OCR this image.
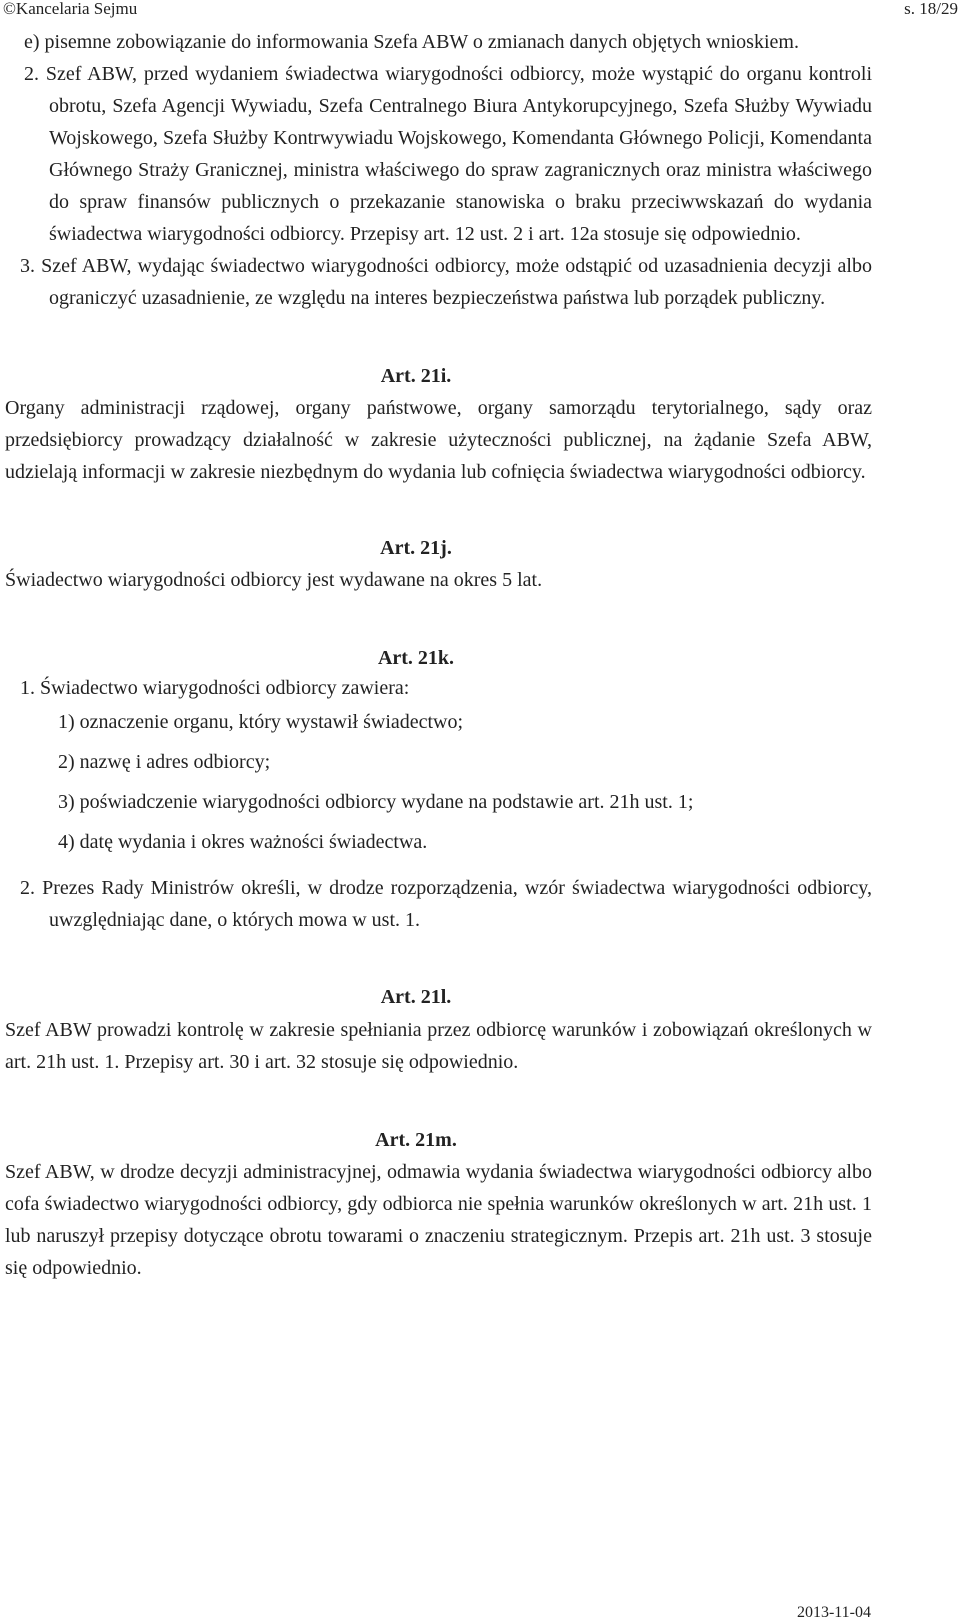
©Kancelaria Sejmu	s. 18/29

e) pisemne zobowiązanie do informowania Szefa ABW o zmianach danych objętych wnioskiem.

2. Szef ABW, przed wydaniem świadectwa wiarygodności odbiorcy, może wystąpić do organu kontroli obrotu, Szefa Agencji Wywiadu, Szefa Centralnego Biura Antykorupcyjnego, Szefa Służby Wywiadu Wojskowego, Szefa Służby Kontrwywiadu Wojskowego, Komendanta Głównego Policji, Komendanta Głównego Straży Granicznej, ministra właściwego do spraw zagranicznych oraz ministra właściwego do spraw finansów publicznych o przekazanie stanowiska o braku przeciwwskazań do wydania świadectwa wiarygodności odbiorcy. Przepisy art. 12 ust. 2 i art. 12a stosuje się odpowiednio.

3. Szef ABW, wydając świadectwo wiarygodności odbiorcy, może odstąpić od uzasadnienia decyzji albo ograniczyć uzasadnienie, ze względu na interes bezpieczeństwa państwa lub porządek publiczny.

Art. 21i.

Organy administracji rządowej, organy państwowe, organy samorządu terytorialnego, sądy oraz przedsiębiorcy prowadzący działalność w zakresie użyteczności publicznej, na żądanie Szefa ABW, udzielają informacji w zakresie niezbędnym do wydania lub cofnięcia świadectwa wiarygodności odbiorcy.

Art. 21j.

Świadectwo wiarygodności odbiorcy jest wydawane na okres 5 lat.

Art. 21k.

1. Świadectwo wiarygodności odbiorcy zawiera:

1) oznaczenie organu, który wystawił świadectwo;

2) nazwę i adres odbiorcy;

3) poświadczenie wiarygodności odbiorcy wydane na podstawie art. 21h ust. 1;

4) datę wydania i okres ważności świadectwa.

2. Prezes Rady Ministrów określi, w drodze rozporządzenia, wzór świadectwa wiarygodności odbiorcy, uwzględniając dane, o których mowa w ust. 1.

Art. 21l.

Szef ABW prowadzi kontrolę w zakresie spełniania przez odbiorcę warunków i zobowiązań określonych w art. 21h ust. 1. Przepisy art. 30 i art. 32 stosuje się odpowiednio.

Art. 21m.

Szef ABW, w drodze decyzji administracyjnej, odmawia wydania świadectwa wiarygodności odbiorcy albo cofa świadectwo wiarygodności odbiorcy, gdy odbiorca nie spełnia warunków określonych w art. 21h ust. 1 lub naruszył przepisy dotyczące obrotu towarami o znaczeniu strategicznym. Przepis art. 21h ust. 3 stosuje się odpowiednio.

2013-11-04
